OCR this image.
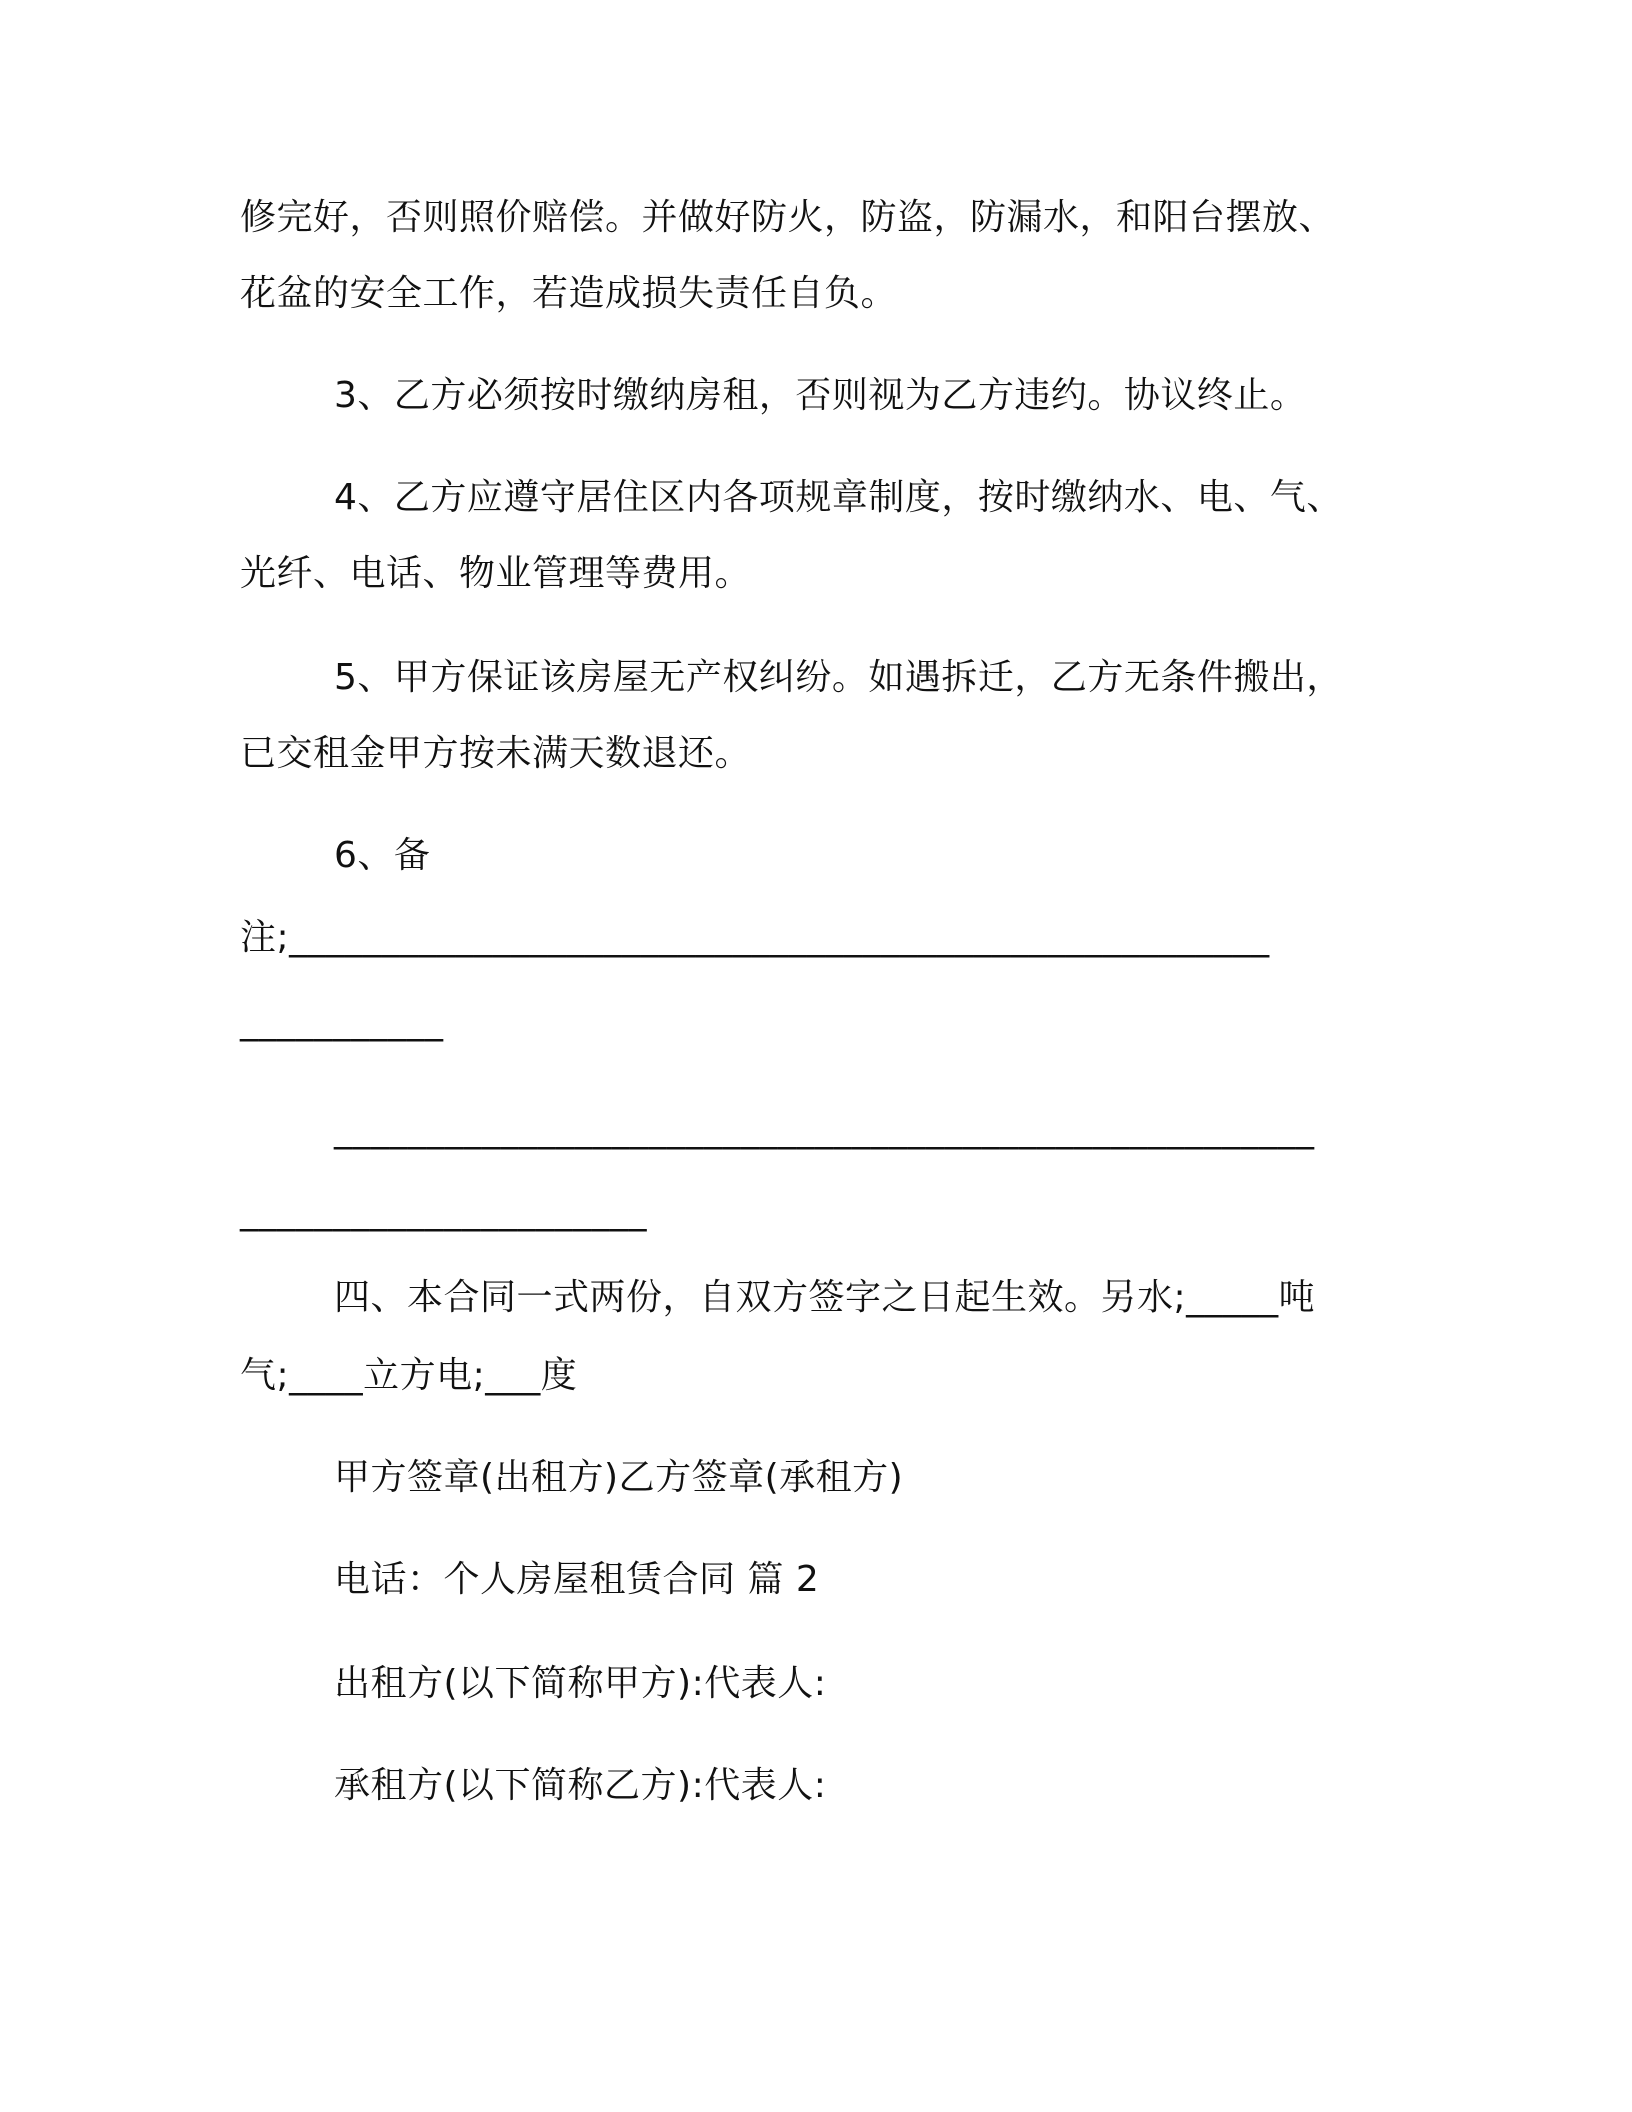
修完好，否则照价赔偿。并做好防火，防盗，防漏水，和阳台摆放、
花盆的安全工作，若造成损失责任自负。
3、乙方必须按时缴纳房租，否则视为乙方违约。协议终止。
4、乙方应遵守居住区内各项规章制度，按时缴纳水、电、气、
光纤、电话、物业管理等费用。
5、甲方保证该房屋无产权纠纷。如遇拆迁，乙方无条件搬出，
已交租金甲方按未满天数退还。
6、备
注;_____________________________________________________
___________
_____________________________________________________
______________________
四、本合同一式两份，自双方签字之日起生效。另水;_____吨
气;____立方电;___度
甲方签章(出租方)乙方签章(承租方)
电话：个人房屋租赁合同 篇 2
出租方(以下简称甲方):代表人:
承租方(以下简称乙方):代表人:
